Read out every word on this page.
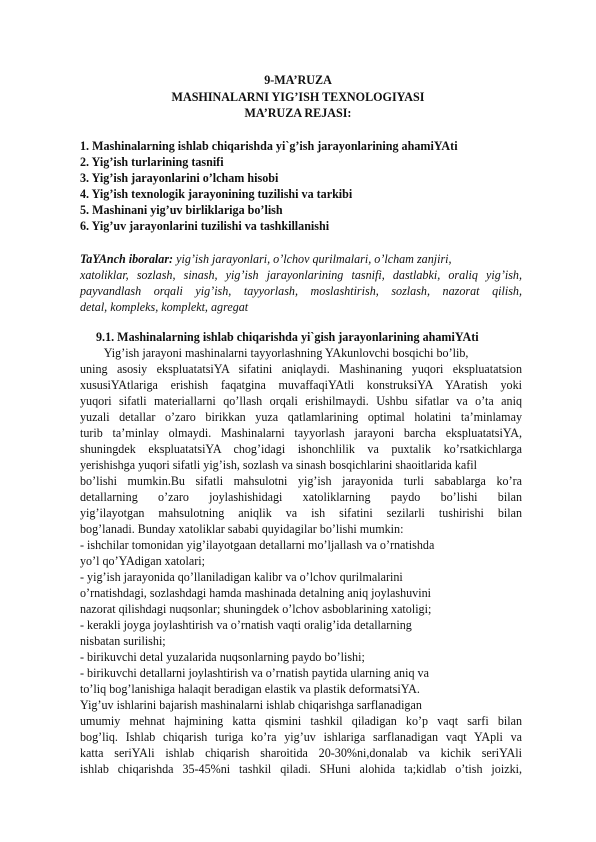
9-MA’RUZA
MASHINALARNI YIG’ISH TEXNOLOGIYASI
MA’RUZA REJASI:
1. Mashinalarning ishlab chiqarishda yi`g’ish jarayonlarining ahamiYAti
2. Yig’ish turlarining tasnifi
3. Yig’ish jarayonlarini o’lcham hisobi
4. Yig’ish texnologik jarayonining tuzilishi va tarkibi
5. Mashinani yig’uv birliklariga bo’lish
6. Yig’uv jarayonlarini tuzilishi va tashkillanishi
TaYAnch iboralar: yig’ish jarayonlari, o’lchov qurilmalari, o’lcham zanjiri,
xatoliklar, sozlash, sinash, yig’ish jarayonlarining tasnifi, dastlabki, oraliq yig’ish,
payvandlash orqali yig’ish, tayyorlash, moslashtirish, sozlash, nazorat qilish,
detal, kompleks, komplekt, agregat
9.1. Mashinalarning ishlab chiqarishda yi`gish jarayonlarining ahamiYAti
Yig’ish jarayoni mashinalarni tayyorlashning YAkunlovchi bosqichi bo’lib,
uning asosiy ekspluatatsiYA sifatini aniqlaydi. Mashinaning yuqori ekspluatatsion
xususiYAtlariga erishish faqatgina muvaffaqiYAtli konstruksiYA YAratish yoki
yuqori sifatli materiallarni qo’llash orqali erishilmaydi. Ushbu sifatlar va o’ta aniq
yuzali detallar o’zaro birikkan yuza qatlamlarining optimal holatini ta’minlamay
turib ta’minlay olmaydi. Mashinalarni tayyorlash jarayoni barcha ekspluatatsiYA,
shuningdek ekspluatatsiYA chog’idagi ishonchlilik va puxtalik ko’rsatkichlarga
yerishishga yuqori sifatli yig’ish, sozlash va sinash bosqichlarini shaoitlarida kafil
bo’lishi mumkin.Bu sifatli mahsulotni yig’ish jarayonida turli sabablarga ko’ra
detallarning o’zaro joylashishidagi xatoliklarning paydo bo’lishi bilan
yig’ilayotgan mahsulotning aniqlik va ish sifatini sezilarli tushirishi bilan
bog’lanadi. Bunday xatoliklar sababi quyidagilar bo’lishi mumkin:
- ishchilar tomonidan yig’ilayotgaan detallarni mo’ljallash va o’rnatishda
yo’l qo’YAdigan xatolari;
- yig’ish jarayonida qo’llaniladigan kalibr va o’lchov qurilmalarini
o’rnatishdagi, sozlashdagi hamda mashinada detalning aniq joylashuvini
nazorat qilishdagi nuqsonlar; shuningdek o’lchov asboblarining xatoligi;
- kerakli joyga joylashtirish va o’rnatish vaqti oralig’ida detallarning
nisbatan surilishi;
- birikuvchi detal yuzalarida nuqsonlarning paydo bo’lishi;
- birikuvchi detallarni joylashtirish va o’rnatish paytida ularning aniq va
to’liq bog’lanishiga halaqit beradigan elastik va plastik deformatsiYA.
Yig’uv ishlarini bajarish mashinalarni ishlab chiqarishga sarflanadigan
umumiy mehnat hajmining katta qismini tashkil qiladigan ko’p vaqt sarfi bilan
bog’liq. Ishlab chiqarish turiga ko’ra yig’uv ishlariga sarflanadigan vaqt YApli va
katta seriYAli ishlab chiqarish sharoitida 20-30%ni,donalab va kichik seriYAli
ishlab chiqarishda 35-45%ni tashkil qiladi. SHuni alohida ta;kidlab o’tish joizki,
